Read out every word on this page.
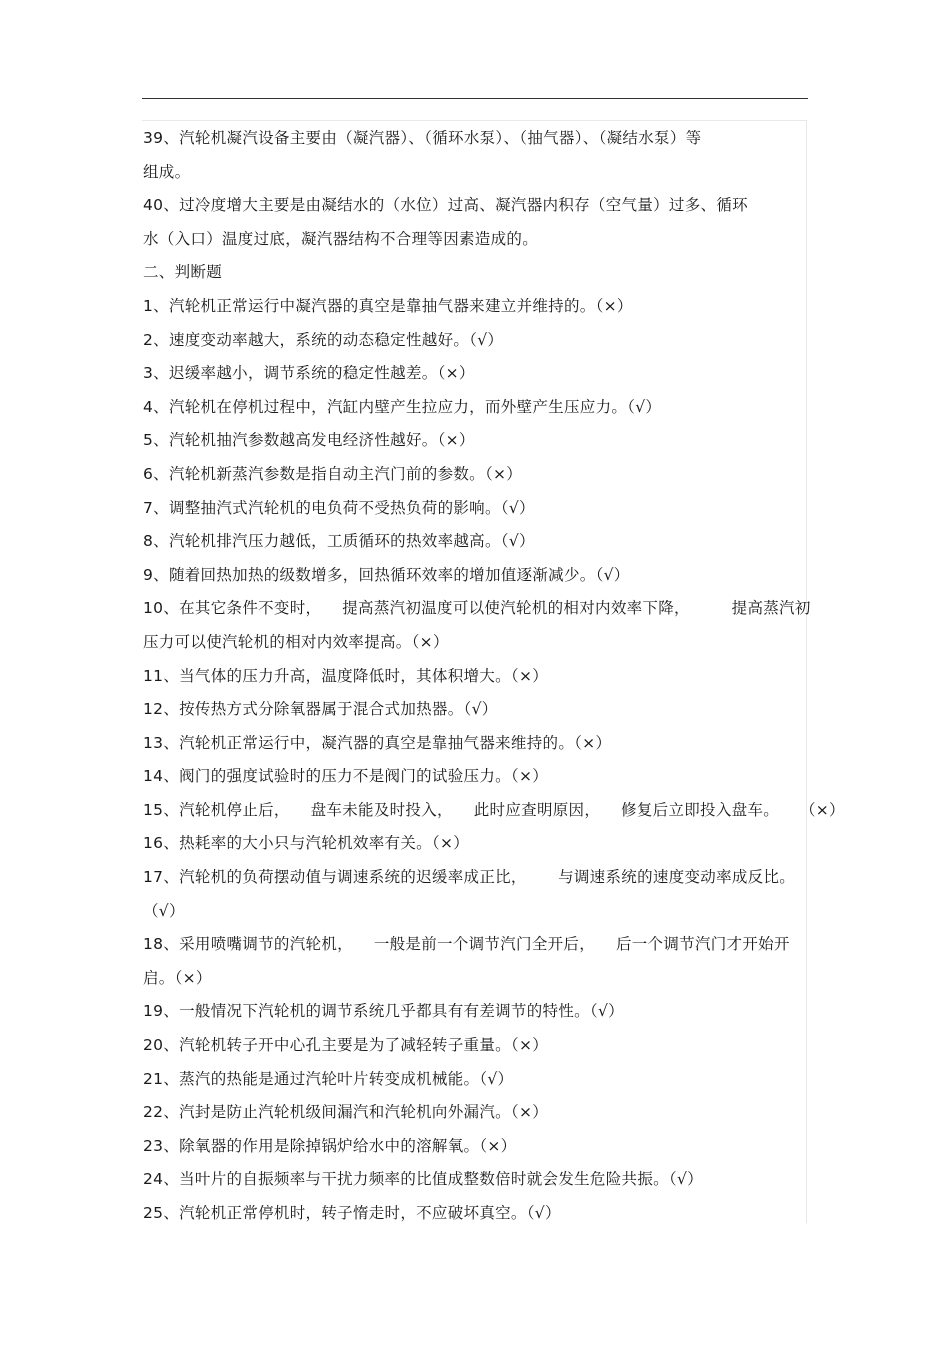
39、汽轮机凝汽设备主要由（凝汽器）、（循环水泵）、（抽气器）、（凝结水泵）等
组成。
40、过冷度增大主要是由凝结水的（水位）过高、凝汽器内积存（空气量）过多、循环
水（入口）温度过底，凝汽器结构不合理等因素造成的。
二、判断题
1、汽轮机正常运行中凝汽器的真空是靠抽气器来建立并维持的。（×）
2、速度变动率越大，系统的动态稳定性越好。（√）
3、迟缓率越小，调节系统的稳定性越差。（×）
4、汽轮机在停机过程中，汽缸内壁产生拉应力，而外壁产生压应力。（√）
5、汽轮机抽汽参数越高发电经济性越好。（×）
6、汽轮机新蒸汽参数是指自动主汽门前的参数。（×）
7、调整抽汽式汽轮机的电负荷不受热负荷的影响。（√）
8、汽轮机排汽压力越低，工质循环的热效率越高。（√）
9、随着回热加热的级数增多，回热循环效率的增加值逐渐减少。（√）
10、在其它条件不变时，    提高蒸汽初温度可以使汽轮机的相对内效率下降，        提高蒸汽初
压力可以使汽轮机的相对内效率提高。（×）
11、当气体的压力升高，温度降低时，其体积增大。（×）
12、按传热方式分除氧器属于混合式加热器。（√）
13、汽轮机正常运行中，凝汽器的真空是靠抽气器来维持的。（×）
14、阀门的强度试验时的压力不是阀门的试验压力。（×）
15、汽轮机停止后，    盘车未能及时投入，    此时应查明原因，    修复后立即投入盘车。    （×）
16、热耗率的大小只与汽轮机效率有关。（×）
17、汽轮机的负荷摆动值与调速系统的迟缓率成正比，      与调速系统的速度变动率成反比。
（√）
18、采用喷嘴调节的汽轮机，    一般是前一个调节汽门全开后，    后一个调节汽门才开始开
启。（×）
19、一般情况下汽轮机的调节系统几乎都具有有差调节的特性。（√）
20、汽轮机转子开中心孔主要是为了减轻转子重量。（×）
21、蒸汽的热能是通过汽轮叶片转变成机械能。（√）
22、汽封是防止汽轮机级间漏汽和汽轮机向外漏汽。（×）
23、除氧器的作用是除掉锅炉给水中的溶解氧。（×）
24、当叶片的自振频率与干扰力频率的比值成整数倍时就会发生危险共振。（√）
25、汽轮机正常停机时，转子惰走时，不应破坏真空。（√）
